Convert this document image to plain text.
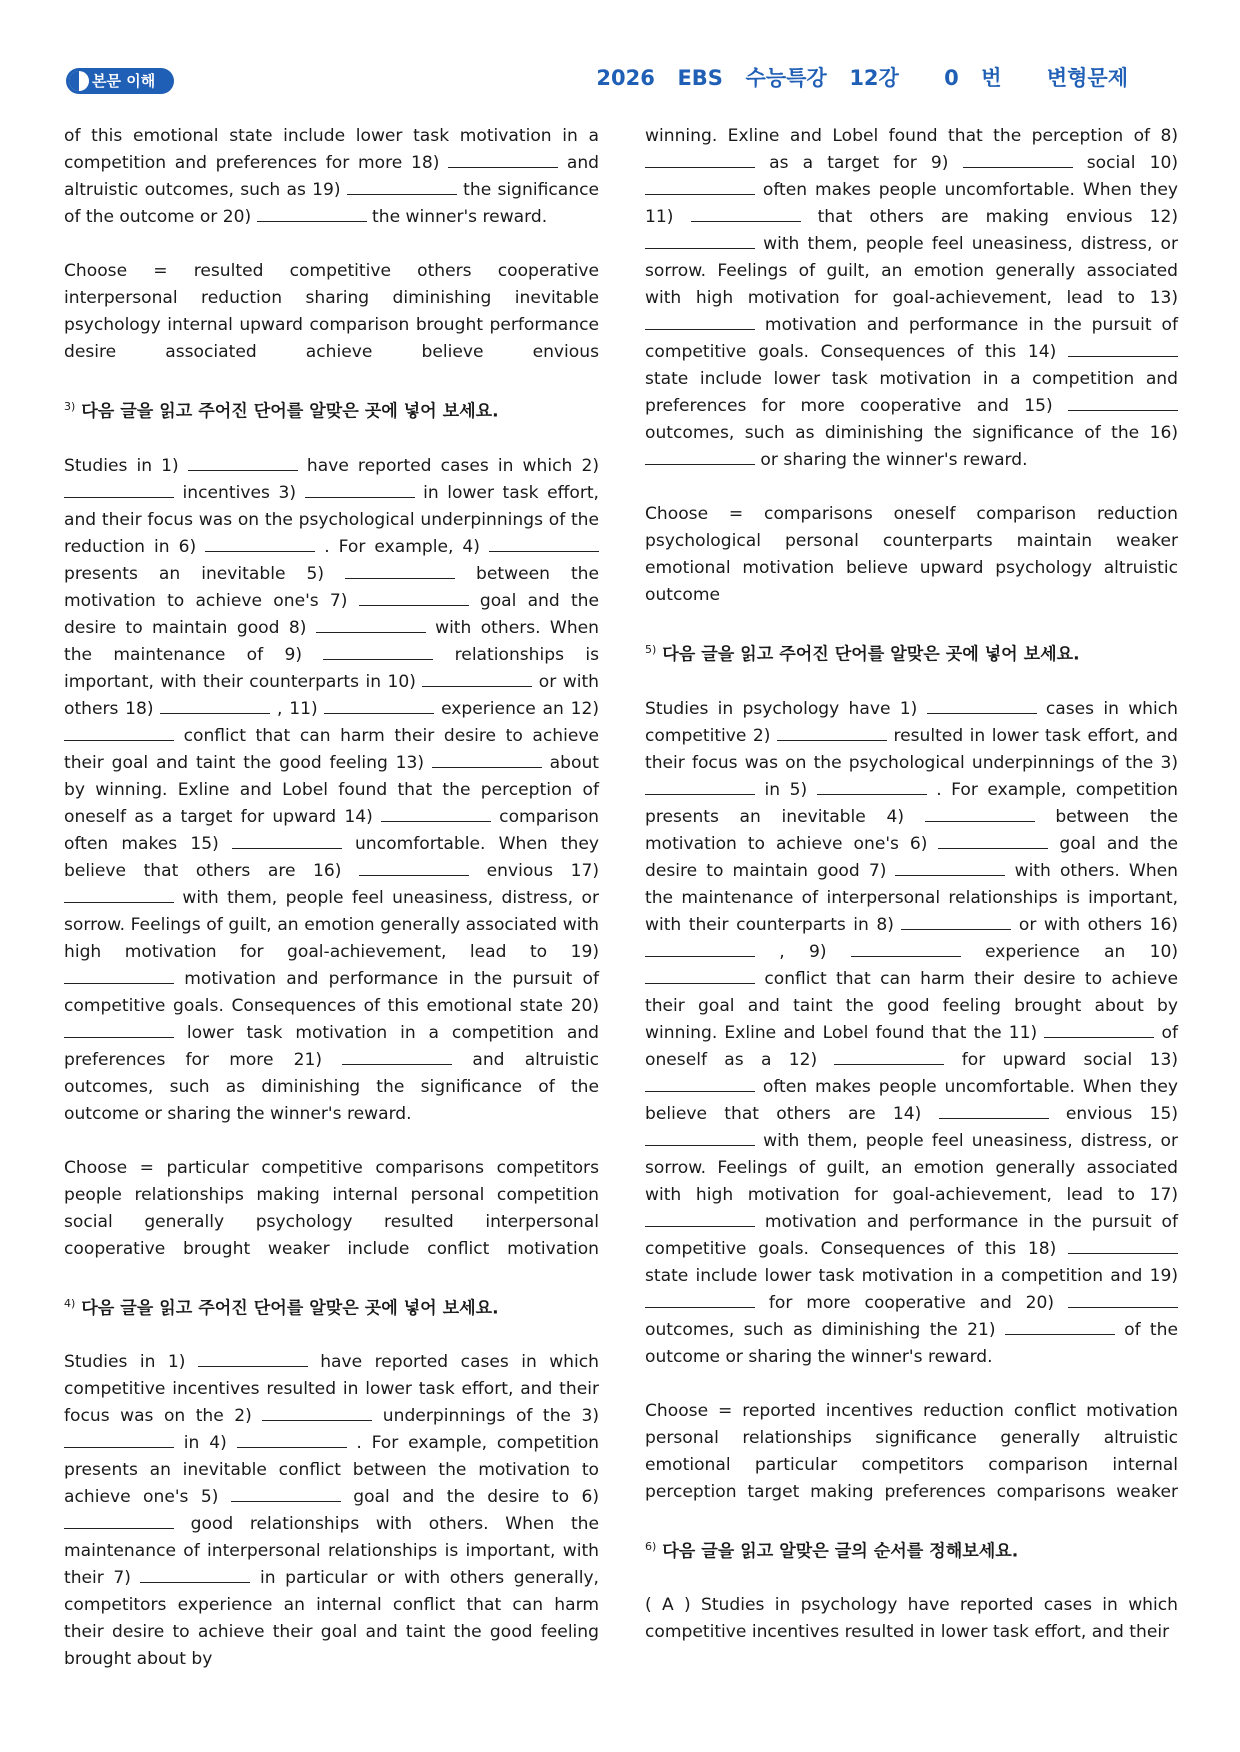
본문 이해	2026  EBS  수능특강  12강    0  번    변형문제

of this emotional state include lower task motivation in a competition and preferences for more 18)	and altruistic outcomes, such as 19)	the significance of the outcome or 20)	the winner's reward.

Choose = resulted competitive others cooperative interpersonal reduction sharing diminishing inevitable psychology internal upward comparison brought performance desire associated achieve believe envious

$^{3)}$ 다음 글을 읽고 주어진 단어를 알맞은 곳에 넣어 보세요.

Studies in 1)	have reported cases in which 2)  incentives 3)	in lower task effort, and their focus was on the psychological underpinnings of the reduction in 6)	. For example, 4)  presents an inevitable 5)	between the motivation to achieve one's 7)	goal and the desire to maintain good 8)	with others. When the maintenance of 9)	relationships is important, with their counterparts in 10)	or with others 18)	, 11)	experience an 12)  conflict that can harm their desire to achieve their goal and taint the good feeling 13)	about by winning. Exline and Lobel found that the perception of oneself as a target for upward 14)	comparison often makes 15)	uncomfortable. When they believe that others are 16)	envious 17)  with them, people feel uneasiness, distress, or sorrow. Feelings of guilt, an emotion generally associated with high motivation for goal-achievement, lead to 19)  motivation and performance in the pursuit of competitive goals. Consequences of this emotional state 20)  lower task motivation in a competition and preferences for more 21)	and altruistic outcomes, such as diminishing the significance of the outcome or sharing the winner's reward.

Choose = particular competitive comparisons competitors people relationships making internal personal competition social generally psychology resulted interpersonal cooperative brought weaker include conflict motivation

$^{4)}$ 다음 글을 읽고 주어진 단어를 알맞은 곳에 넣어 보세요.

Studies in 1)	have reported cases in which competitive incentives resulted in lower task effort, and their focus was on the 2)	underpinnings of the 3)  in 4)	. For example, competition presents an inevitable conflict between the motivation to achieve one's 5)	goal and the desire to 6)  good relationships with others. When the maintenance of interpersonal relationships is important, with their 7)	in particular or with others generally, competitors experience an internal conflict that can harm their desire to achieve their goal and taint the good feeling brought about by

winning. Exline and Lobel found that the perception of 8)  as a target for 9)	social 10)  often makes people uncomfortable. When they 11)	that others are making envious 12)  with them, people feel uneasiness, distress, or sorrow. Feelings of guilt, an emotion generally associated with high motivation for goal-achievement, lead to 13)  motivation and performance in the pursuit of competitive goals. Consequences of this 14)  state include lower task motivation in a competition and preferences for more cooperative and 15)  outcomes, such as diminishing the significance of the 16)  or sharing the winner's reward.

Choose = comparisons oneself comparison reduction psychological personal counterparts maintain weaker emotional motivation believe upward psychology altruistic outcome

$^{5)}$ 다음 글을 읽고 주어진 단어를 알맞은 곳에 넣어 보세요.

Studies in psychology have 1)	cases in which competitive 2)	resulted in lower task effort, and their focus was on the psychological underpinnings of the 3)  in 5)	. For example, competition presents an inevitable 4)	between the motivation to achieve one's 6)	goal and the desire to maintain good 7)	with others. When the maintenance of interpersonal relationships is important, with their counterparts in 8)	or with others 16)  , 9)	experience an 10)  conflict that can harm their desire to achieve their goal and taint the good feeling brought about by winning. Exline and Lobel found that the 11)	of oneself as a 12)	for upward social 13)  often makes people uncomfortable. When they believe that others are 14)	envious 15)  with them, people feel uneasiness, distress, or sorrow. Feelings of guilt, an emotion generally associated with high motivation for goal-achievement, lead to 17)  motivation and performance in the pursuit of competitive goals. Consequences of this 18)  state include lower task motivation in a competition and 19)  for more cooperative and 20)  outcomes, such as diminishing the 21)	of the outcome or sharing the winner's reward.

Choose = reported incentives reduction conflict motivation personal relationships significance generally altruistic emotional particular competitors comparison internal perception target making preferences comparisons weaker

$^{6)}$ 다음 글을 읽고 알맞은 글의 순서를 정해보세요.

( A ) Studies in psychology have reported cases in which competitive incentives resulted in lower task effort, and their
